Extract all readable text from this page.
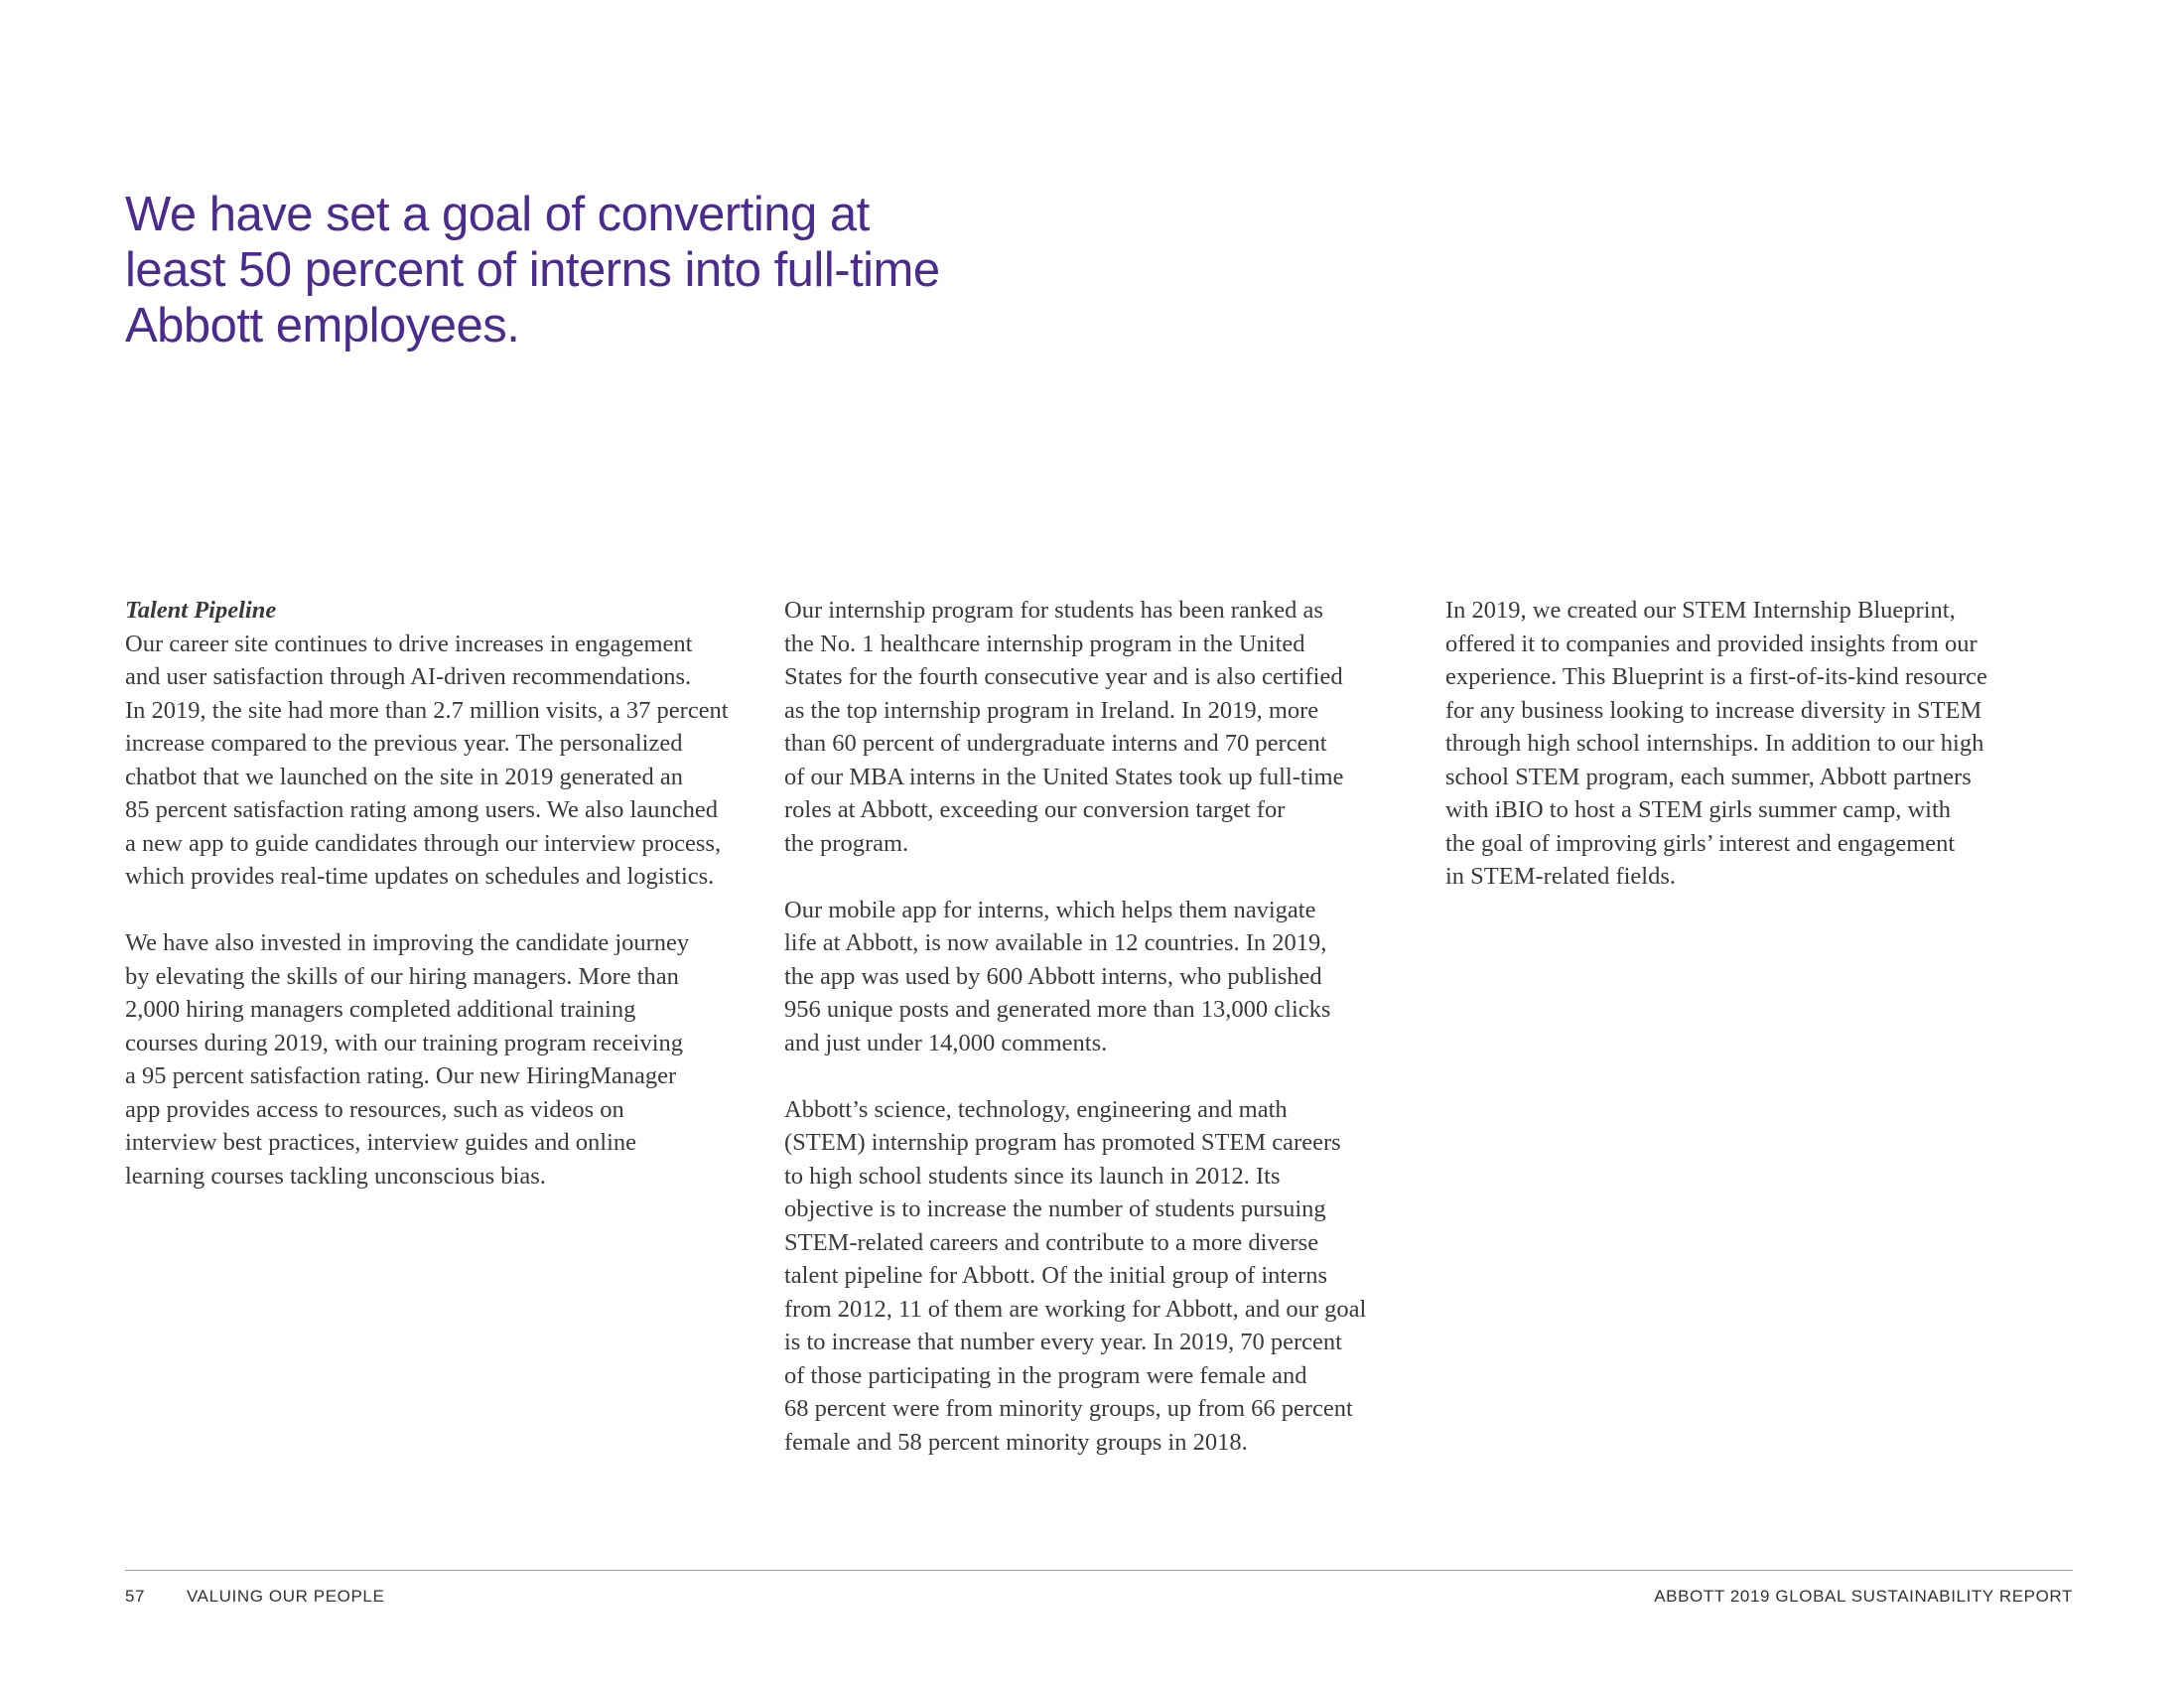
We have set a goal of converting at
least 50 percent of interns into full-time
Abbott employees.
Talent Pipeline
Our career site continues to drive increases in engagement
and user satisfaction through AI-driven recommendations.
In 2019, the site had more than 2.7 million visits, a 37 percent
increase compared to the previous year. The personalized
chatbot that we launched on the site in 2019 generated an
85 percent satisfaction rating among users. We also launched
a new app to guide candidates through our interview process,
which provides real-time updates on schedules and logistics.
We have also invested in improving the candidate journey
by elevating the skills of our hiring managers. More than
2,000 hiring managers completed additional training
courses during 2019, with our training program receiving
a 95 percent satisfaction rating. Our new HiringManager
app provides access to resources, such as videos on
interview best practices, interview guides and online
learning courses tackling unconscious bias.
Our internship program for students has been ranked as
the No. 1 healthcare internship program in the United
States for the fourth consecutive year and is also certified
as the top internship program in Ireland. In 2019, more
than 60 percent of undergraduate interns and 70 percent
of our MBA interns in the United States took up full-time
roles at Abbott, exceeding our conversion target for
the program.
Our mobile app for interns, which helps them navigate
life at Abbott, is now available in 12 countries. In 2019,
the app was used by 600 Abbott interns, who published
956 unique posts and generated more than 13,000 clicks
and just under 14,000 comments.
Abbott’s science, technology, engineering and math
(STEM) internship program has promoted STEM careers
to high school students since its launch in 2012. Its
objective is to increase the number of students pursuing
STEM-related careers and contribute to a more diverse
talent pipeline for Abbott. Of the initial group of interns
from 2012, 11 of them are working for Abbott, and our goal
is to increase that number every year. In 2019, 70 percent
of those participating in the program were female and
68 percent were from minority groups, up from 66 percent
female and 58 percent minority groups in 2018.
In 2019, we created our STEM Internship Blueprint,
offered it to companies and provided insights from our
experience. This Blueprint is a first-of-its-kind resource
for any business looking to increase diversity in STEM
through high school internships. In addition to our high
school STEM program, each summer, Abbott partners
with iBIO to host a STEM girls summer camp, with
the goal of improving girls’ interest and engagement
in STEM-related fields.
57 VALUING OUR PEOPLE	ABBOTT 2019 GLOBAL SUSTAINABILITY REPORT
